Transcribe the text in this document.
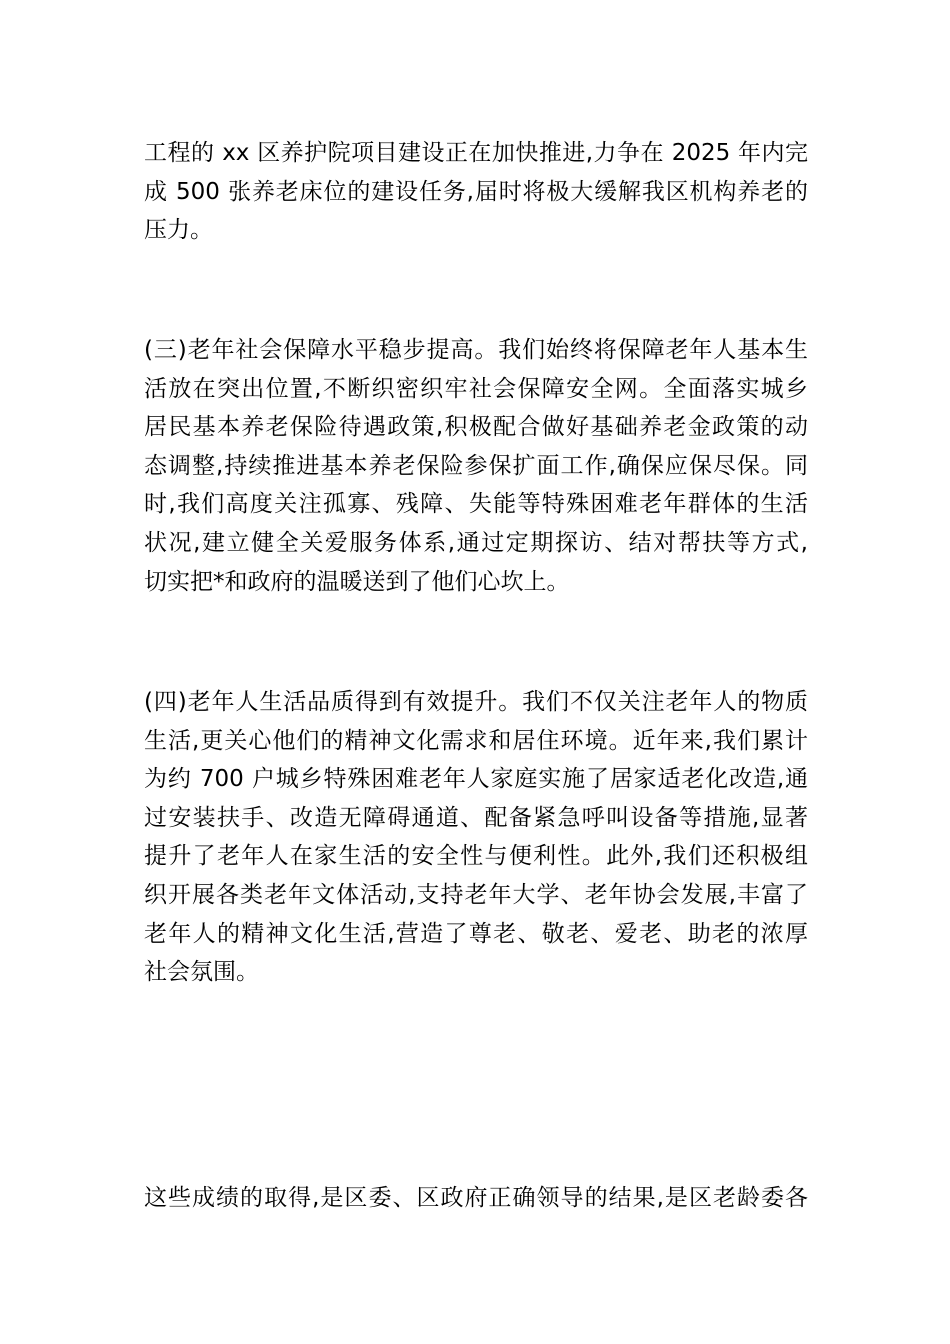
工程的 xx 区养护院项目建设正在加快推进,力争在 2025 年内完
成 500 张养老床位的建设任务,届时将极大缓解我区机构养老的
压力。

(三)老年社会保障水平稳步提高。我们始终将保障老年人基本生
活放在突出位置,不断织密织牢社会保障安全网。全面落实城乡
居民基本养老保险待遇政策,积极配合做好基础养老金政策的动
态调整,持续推进基本养老保险参保扩面工作,确保应保尽保。同
时,我们高度关注孤寡、残障、失能等特殊困难老年群体的生活
状况,建立健全关爱服务体系,通过定期探访、结对帮扶等方式,
切实把*和政府的温暖送到了他们心坎上。

(四)老年人生活品质得到有效提升。我们不仅关注老年人的物质
生活,更关心他们的精神文化需求和居住环境。近年来,我们累计
为约 700 户城乡特殊困难老年人家庭实施了居家适老化改造,通
过安装扶手、改造无障碍通道、配备紧急呼叫设备等措施,显著
提升了老年人在家生活的安全性与便利性。此外,我们还积极组
织开展各类老年文体活动,支持老年大学、老年协会发展,丰富了
老年人的精神文化生活,营造了尊老、敬老、爱老、助老的浓厚
社会氛围。

这些成绩的取得,是区委、区政府正确领导的结果,是区老龄委各
